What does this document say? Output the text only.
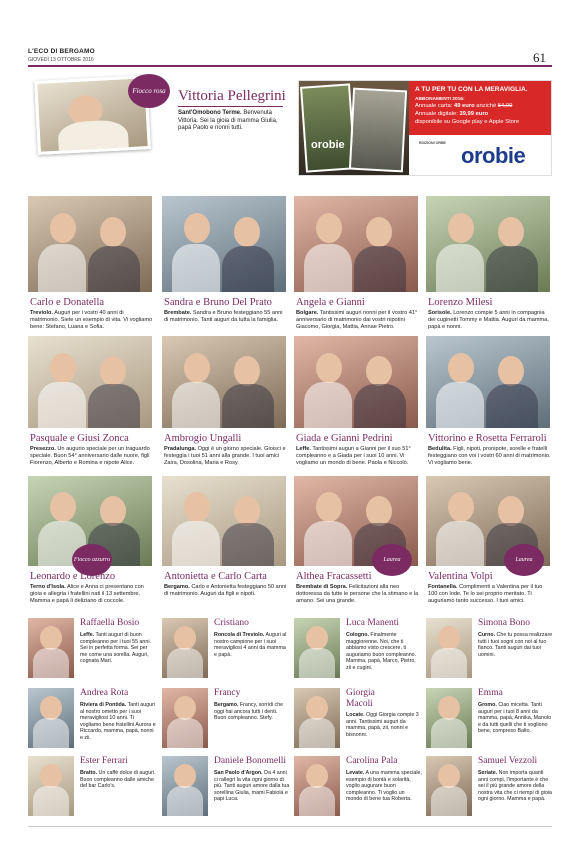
L'ECO DI BERGAMO
GIOVEDÌ 13 OTTOBRE 2016	61
Fiocco rosa Vittoria Pellegrini
Sant'Omobono Terme. Benvenuta Vittoria. Sei la gioia di mamma Giulia, papà Paolo e nonni tutti.
orobie
A TU PER TU CON LA MERAVIGLIA.
ABBONAMENTI 2016:
Annuale carta: 49 euro anziché 54,00
Annuale digitale: 39,99 euro
disponibile su Google play e Apple Store
EDIZIONI ORBE orobie
Carlo e Donatella
Treviolo. Auguri per i vostri 40 anni di matrimonio. Siete un esempio di vita. Vi vogliamo bene: Stefano, Luana e Sofia.
Sandra e Bruno Del Prato
Brembate. Sandra e Bruno festeggiano 55 anni di matrimonio. Tanti auguri da tutta la famiglia.
Angela e Gianni
Bolgare. Tantissimi auguri nonni per il vostro 41° anniversario di matrimonio dai vostri nipotini Giacomo, Giorgia, Mattia, Annae Pietro.
Lorenzo Milesi
Sorisole. Lorenzo compie 5 anni in compagnia dei cuginetti Tommy e Mattia. Auguri da mamma, papà e nonni.
Pasquale e Giusi Zonca
Presezzo. Un augurio speciale per un traguardo speciale. Buon 54° anniversario dalle nuore, figli Fiorenzo, Alberto e Romina e nipote Alice.
Ambrogio Ungalli
Pradalunga. Oggi è un giorno speciale. Gioisci e festeggia i tuoi 51 anni alla grande. I tuoi amici Zaira, Dosolina, Maria e Rosy.
Giada e Gianni Pedrini
Leffe. Tantissimi auguri a Gianni per il suo 51° compleanno e a Giada per i suoi 10 anni. Vi vogliamo un mondo di bene. Paola e Niccolò.
Vittorino e Rosetta Ferraroli
Bedulita. Figli, nipoti, pronipote, sorelle e fratelli festeggiano con voi i vostri 60 anni di matrimonio. Vi vogliamo bene.
Fiocco azzurro
Leonardo e Lorenzo
Terno d'Isola. Alice e Anna ci presentano con gioia e allegria i fratellini nati il 13 settembre. Mamma e papà li deliziano di coccole.
Antonietta e Carlo Carta
Bergamo. Carlo e Antonietta festeggiano 50 anni di matrimonio. Auguri da figli e nipoti.
Laurea
Althea Fracassetti
Brembate di Sopra. Felicitazioni alla neo dottoressa da tutte le persone che la stimano e la amano. Sei una grande.
Laurea
Valentina Volpi
Fontanella. Complimenti a Valentina per il tuo 100 con lode. Te lo sei proprio meritato. Ti auguriamo tanto successo. I tuoi amici.
Raffaella Bosio
Leffe. Tanti auguri di buon compleanno per i tuoi 55 anni. Sei in perfetta forma. Sei per me come una sorella. Auguri, cognata Mari.
Cristiano
Roncola di Treviolo. Auguri al nostro campione per i suoi meravigliosi 4 anni da mamma e papà.
Luca Manenti
Cologno. Finalmente maggiorenne. Noi, che ti abbiamo visto crescere, ti auguriamo buon compleanno. Mamma, papà, Marco, Pietro, zii e cugini.
Simona Bono
Curno. Che tu possa realizzare tutti i tuoi sogni con noi al tuo fianco. Tanti auguri dai tuoi uomini.
Andrea Rota
Riviera di Pontida. Tanti auguri al nostro ometto per i suoi meravigliosi 10 anni. Ti vogliamo bene fratellini Aurora e Riccardo, mamma, papà, nonni e zii.
Francy
Bergamo. Francy, sorridi che oggi hai ancora tutti i denti. Buon compleanno. Stefy.
Giorgia Macoli
Locate. Oggi Giorgia compie 3 anni. Tantissimi auguri da mamma, papà, zii, nonni e bisnonni.
Emma
Gromo. Ciao micetta. Tanti auguri per i tuoi 8 anni da mamma, papà, Annika, Manolo e da tutti quelli che ti vogliono bene, compreso Balto.
Ester Ferrari
Bratto. Un caffè dolce di auguri. Buon compleanno dalle amiche del bar Carlo's.
Daniele Bonomelli
San Paolo d'Argon. Da 4 anni ci rallegri la vita ogni giorno di più. Tanti auguri amore dalla tua sorellina Giulia, mami Fabiola e papi Luca.
Carolina Pala
Levate. A una mamma speciale, esempio di bontà e solarità, voglio augurare buon compleanno. Ti voglio un mondo di bene tua Roberta.
Samuel Vezzoli
Seriate. Non importa quanti anni compi, l'importante è che sei il più grande amore della nostra vita che ci riempi di gioia ogni giorno. Mamma e papà.
